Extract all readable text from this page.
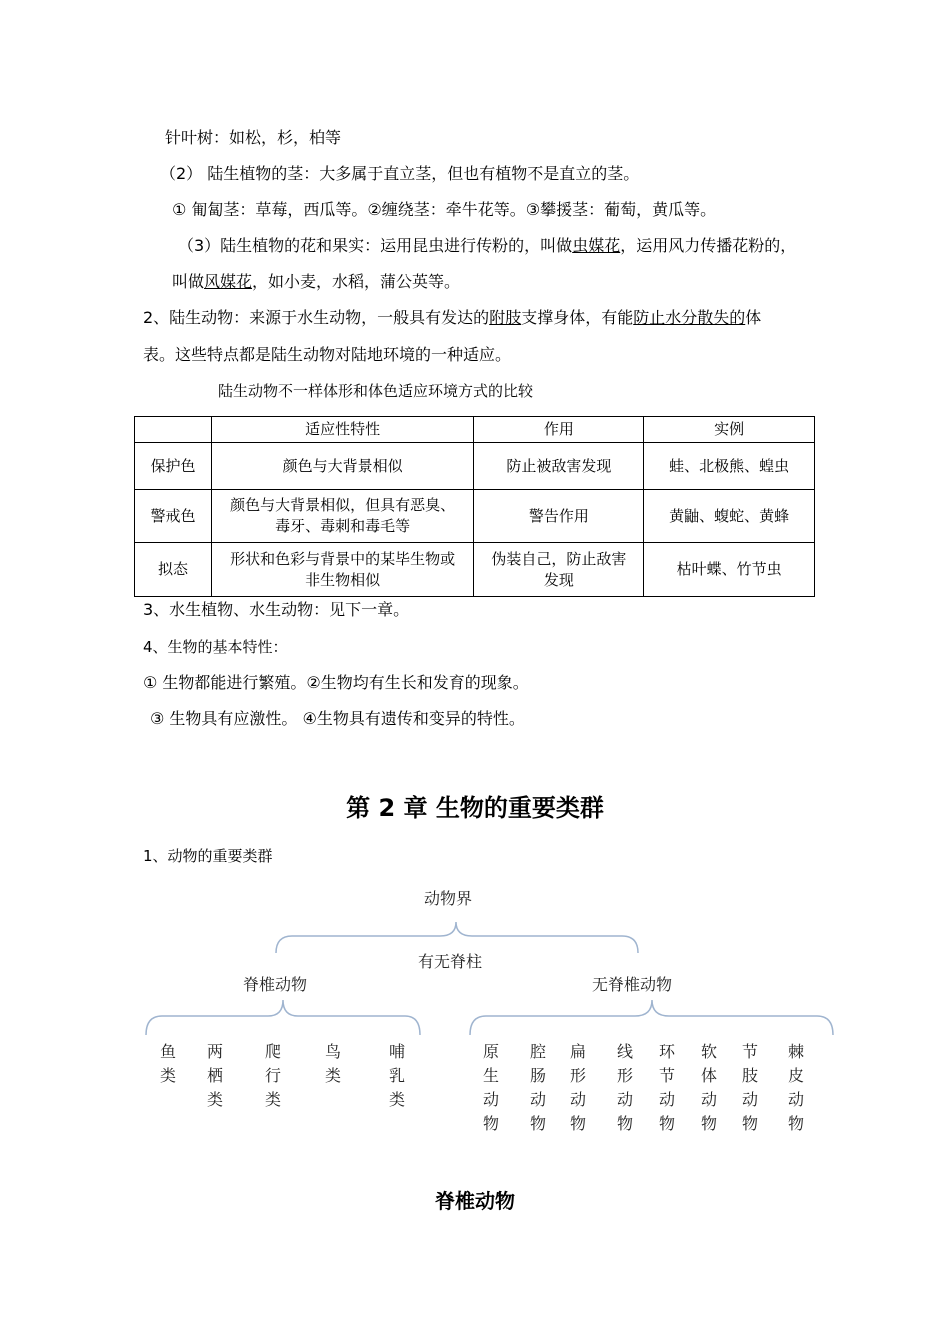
针叶树：如松，杉，柏等
（2） 陆生植物的茎：大多属于直立茎，但也有植物不是直立的茎。
① 匍匐茎：草莓，西瓜等。②缠绕茎：牵牛花等。③攀援茎：葡萄，黄瓜等。
（3）陆生植物的花和果实：运用昆虫进行传粉的，叫做虫媒花，运用风力传播花粉的，
叫做风媒花，如小麦，水稻，蒲公英等。
2、陆生动物：来源于水生动物，一般具有发达的附肢支撑身体，有能防止水分散失的体
表。这些特点都是陆生动物对陆地环境的一种适应。
陆生动物不一样体形和体色适应环境方式的比较
	适应性特性	作用	实例
保护色	颜色与大背景相似	防止被敌害发现	蛙、北极熊、蝗虫
警戒色	颜色与大背景相似，但具有恶臭、毒牙、毒刺和毒毛等	警告作用	黄鼬、蝮蛇、黄蜂
拟态	形状和色彩与背景中的某毕生物或非生物相似	伪装自己，防止敌害发现	枯叶蝶、竹节虫
3、水生植物、水生动物：见下一章。
4、生物的基本特性：
① 生物都能进行繁殖。②生物均有生长和发育的现象。
③ 生物具有应激性。 ④生物具有遗传和变异的特性。
第 2 章 生物的重要类群
1、动物的重要类群
动物界
有无脊柱
脊椎动物	无脊椎动物
鱼
类
两
栖
类
爬
行
类
鸟
类
哺
乳
类
原
生
动
物
腔
肠
动
物
扁
形
动
物
线
形
动
物
环
节
动
物
软
体
动
物
节
肢
动
物
棘
皮
动
物
脊椎动物
